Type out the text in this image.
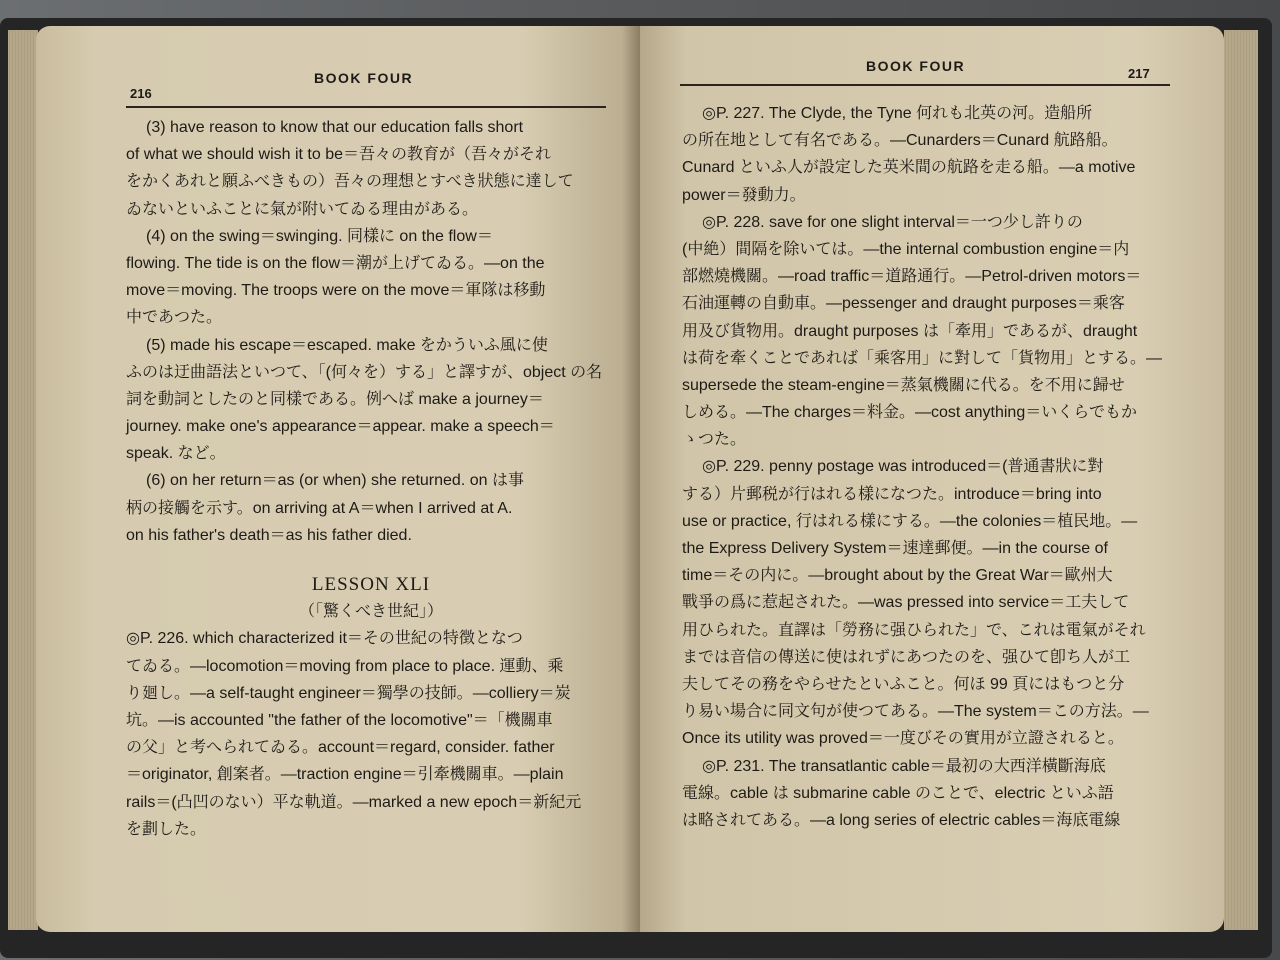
216
BOOK FOUR
(3) have reason to know that our education falls short
of what we should wish it to be＝吾々の教育が（吾々がそれ
をかくあれと願ふべきもの）吾々の理想とすべき狀態に達して
ゐないといふことに氣が附いてゐる理由がある。
(4) on the swing＝swinging. 同樣に on the flow＝
flowing. The tide is on the flow＝潮が上げてゐる。—on the
move＝moving. The troops were on the move＝軍隊は移動
中であつた。
(5) made his escape＝escaped. make をかういふ風に使
ふのは迂曲語法といつて、「(何々を）する」と譯すが、object の名
詞を動詞としたのと同樣である。例へば make a journey＝
journey. make one's appearance＝appear. make a speech＝
speak. など。
(6) on her return＝as (or when) she returned. on は事
柄の接觸を示す。on arriving at A＝when I arrived at A.
on his father's death＝as his father died.
LESSON XLI
（「驚くべき世紀」）
◎P. 226. which characterized it＝その世紀の特徴となつ
てゐる。—locomotion＝moving from place to place. 運動、乘
り廻し。—a self-taught engineer＝獨學の技師。—colliery＝炭
坑。—is accounted "the father of the locomotive"＝「機關車
の父」と考へられてゐる。account＝regard, consider. father
＝originator, 創案者。—traction engine＝引牽機關車。—plain
rails＝(凸凹のない）平な軌道。—marked a new epoch＝新紀元
を劃した。
BOOK FOUR	217
◎P. 227. The Clyde, the Tyne 何れも北英の河。造船所
の所在地として有名である。—Cunarders＝Cunard 航路船。
Cunard といふ人が設定した英米間の航路を走る船。—a motive
power＝發動力。
◎P. 228. save for one slight interval＝一つ少し許りの
(中絶）間隔を除いては。—the internal combustion engine＝内
部燃燒機關。—road traffic＝道路通行。—Petrol-driven motors＝
石油運轉の自動車。—pessenger and draught purposes＝乘客
用及び貨物用。draught purposes は「牽用」であるが、draught
は荷を牽くことであれば「乘客用」に對して「貨物用」とする。—
supersede the steam-engine＝蒸氣機關に代る。を不用に歸せ
しめる。—The charges＝料金。—cost anything＝いくらでもか
ゝつた。
◎P. 229. penny postage was introduced＝(普通書狀に對
する）片郵税が行はれる樣になつた。introduce＝bring into
use or practice, 行はれる樣にする。—the colonies＝植民地。—
the Express Delivery System＝速達郵便。—in the course of
time＝その内に。—brought about by the Great War＝歐州大
戰爭の爲に惹起された。—was pressed into service＝工夫して
用ひられた。直譯は「勞務に强ひられた」で、これは電氣がそれ
までは音信の傳送に使はれずにあつたのを、强ひて卽ち人が工
夫してその務をやらせたといふこと。何ほ 99 頁にはもつと分
り易い場合に同文句が使つてある。—The system＝この方法。—
Once its utility was proved＝一度びその實用が立證されると。
◎P. 231. The transatlantic cable＝最初の大西洋橫斷海底
電線。cable は submarine cable のことで、electric といふ語
は略されてある。—a long series of electric cables＝海底電線
